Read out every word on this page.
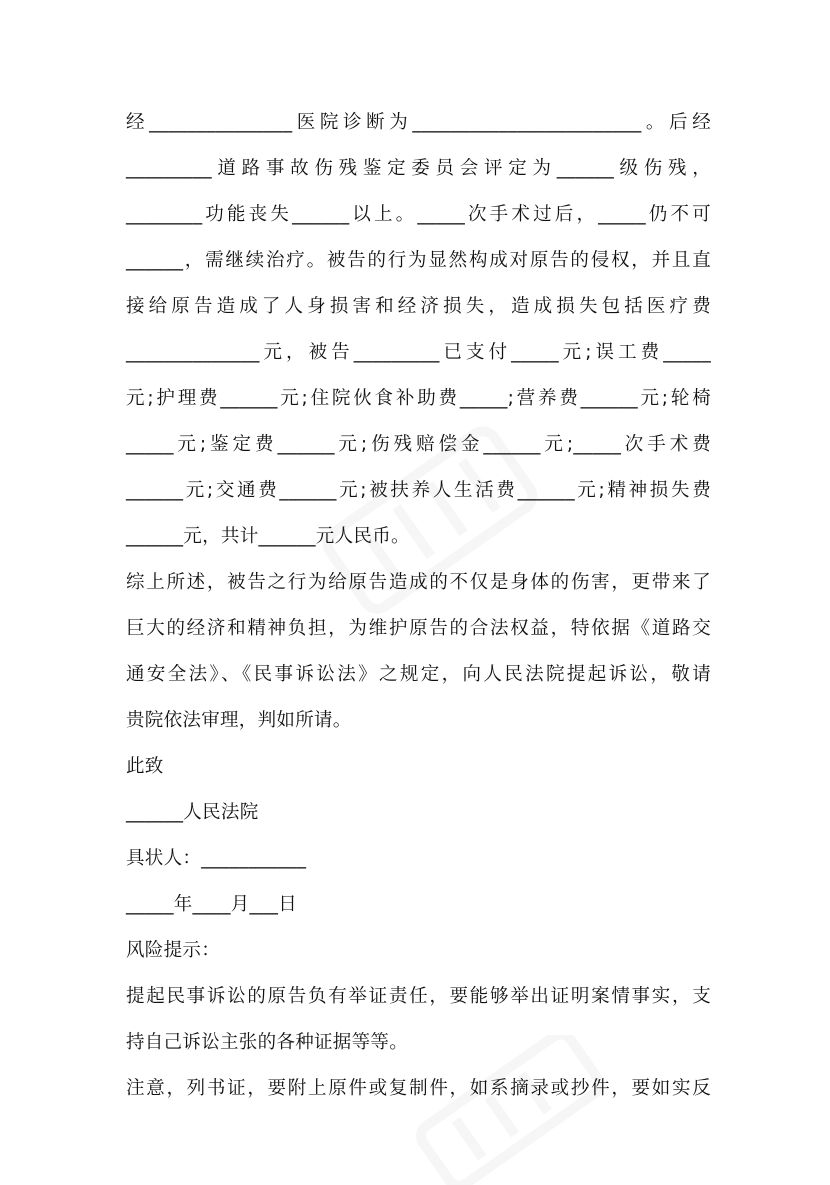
经_______________医院诊断为________________________。后经
_________道路事故伤残鉴定委员会评定为______级伤残，
________功能丧失______以上。_____次手术过后，_____仍不可
______，需继续治疗。被告的行为显然构成对原告的侵权，并且直
接给原告造成了人身损害和经济损失，造成损失包括医疗费
______________元，被告_________已支付_____元;误工费_____
元;护理费______元;住院伙食补助费_____;营养费______元;轮椅
_____元;鉴定费______元;伤残赔偿金______元;_____次手术费
______元;交通费______元;被扶养人生活费______元;精神损失费
______元，共计______元人民币。
综上所述，被告之行为给原告造成的不仅是身体的伤害，更带来了
巨大的经济和精神负担，为维护原告的合法权益，特依据《道路交
通安全法》、《民事诉讼法》之规定，向人民法院提起诉讼，敬请
贵院依法审理，判如所请。
此致
______人民法院
具状人：___________
_____年____月___日
风险提示：
提起民事诉讼的原告负有举证责任，要能够举出证明案情事实，支
持自己诉讼主张的各种证据等等。
注意，列书证，要附上原件或复制件，如系摘录或抄件，要如实反
